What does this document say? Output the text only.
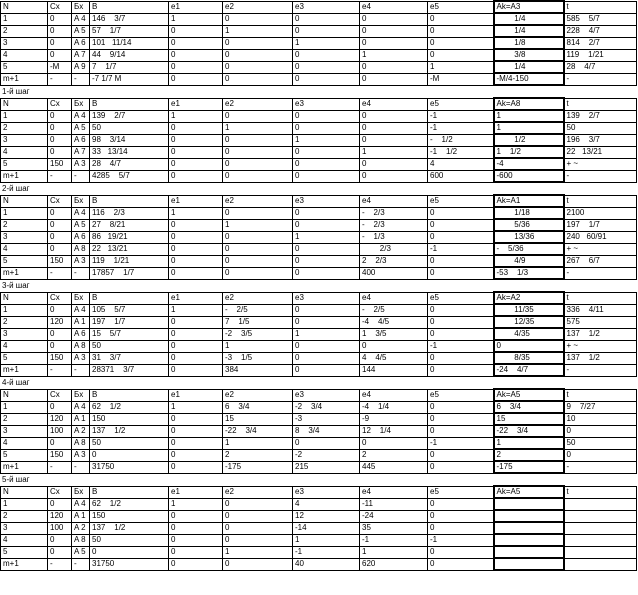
N	Cx	Бx	B	e1	e2	e3	e4	e5	Ak=A3	t
1	0	A 4	146    3/7	1	0	0	0	0	1/4	585    5/7
2	0	A 5	57    1/7	0	1	0	0	0	1/4	228    4/7
3	0	A 6	101   11/14	0	0	1	0	0	1/8	814    2/7
4	0	A 7	44    9/14	0	0	0	1	0	3/8	119    1/21
5	-M	A 9	7    1/7	0	0	0	0	1	1/4	28    4/7
m+1	-	-	-7 1/7 M	0	0	0	0	-M	-M/4-150	-
1-й шаг
N	Cx	Бx	B	e1	e2	e3	e4	e5	Ak=A8	t
1	0	A 4	139    2/7	1	0	0	0	-1	1	139    2/7
2	0	A 5	50	0	1	0	0	-1	1	50
3	0	A 6	98    3/14	0	0	1	0	-    1/2	1/2	196    3/7
4	0	A 7	33   13/14	0	0	0	1	-1    1/2	1    1/2	22   13/21
5	150	A 3	28    4/7	0	0	0	0	4	-4	+ ~
m+1	-	-	4285    5/7	0	0	0	0	600	-600	-
2-й шаг
N	Cx	Бx	B	e1	e2	e3	e4	e5	Ak=A1	t
1	0	A 4	116    2/3	1	0	0	-    2/3	0	1/18	2100
2	0	A 5	27    8/21	0	1	0	-    2/3	0	5/36	197    1/7
3	0	A 6	86   19/21	0	0	1	-    1/3	0	13/36	240   60/91
4	0	A 8	22   13/21	0	0	0	2/3	-1	-    5/36	+ ~
5	150	A 3	119    1/21	0	0	0	2    2/3	0	4/9	267    6/7
m+1	-	-	17857    1/7	0	0	0	400	0	-53    1/3	-
3-й шаг
N	Cx	Бx	B	e1	e2	e3	e4	e5	Ak=A2	t
1	0	A 4	105    5/7	1	-    2/5	0	-    2/5	0	11/35	336    4/11
2	120	A 1	197    1/7	0	7    1/5	0	-4    4/5	0	12/35	575
3	0	A 6	15    5/7	0	-2    3/5	1	1    3/5	0	4/35	137    1/2
4	0	A 8	50	0	1	0	0	-1	0	+ ~
5	150	A 3	31    3/7	0	-3    1/5	0	4    4/5	0	8/35	137    1/2
m+1	-	-	28371    3/7	0	384	0	144	0	-24    4/7	-
4-й шаг
N	Cx	Бx	B	e1	e2	e3	e4	e5	Ak=A5	t
1	0	A 4	62    1/2	1	6    3/4	-2    3/4	-4    1/4	0	6    3/4	9    7/27
2	120	A 1	150	0	15	-3	-9	0	15	10
3	100	A 2	137    1/2	0	-22    3/4	8    3/4	12    1/4	0	-22    3/4	0
4	0	A 8	50	0	1	0	0	-1	1	50
5	150	A 3	0	0	2	-2	2	0	2	0
m+1	-	-	31750	0	-175	215	445	0	-175	-
5-й шаг
N	Cx	Бx	B	e1	e2	e3	e4	e5	Ak=A5	t
1	0	A 4	62    1/2	1	0	4	-11	0		
2	120	A 1	150	0	0	12	-24	0		
3	100	A 2	137    1/2	0	0	-14	35	0		
4	0	A 8	50	0	0	1	-1	-1		
5	0	A 5	0	0	1	-1	1	0		
m+1	-	-	31750	0	0	40	620	0		
